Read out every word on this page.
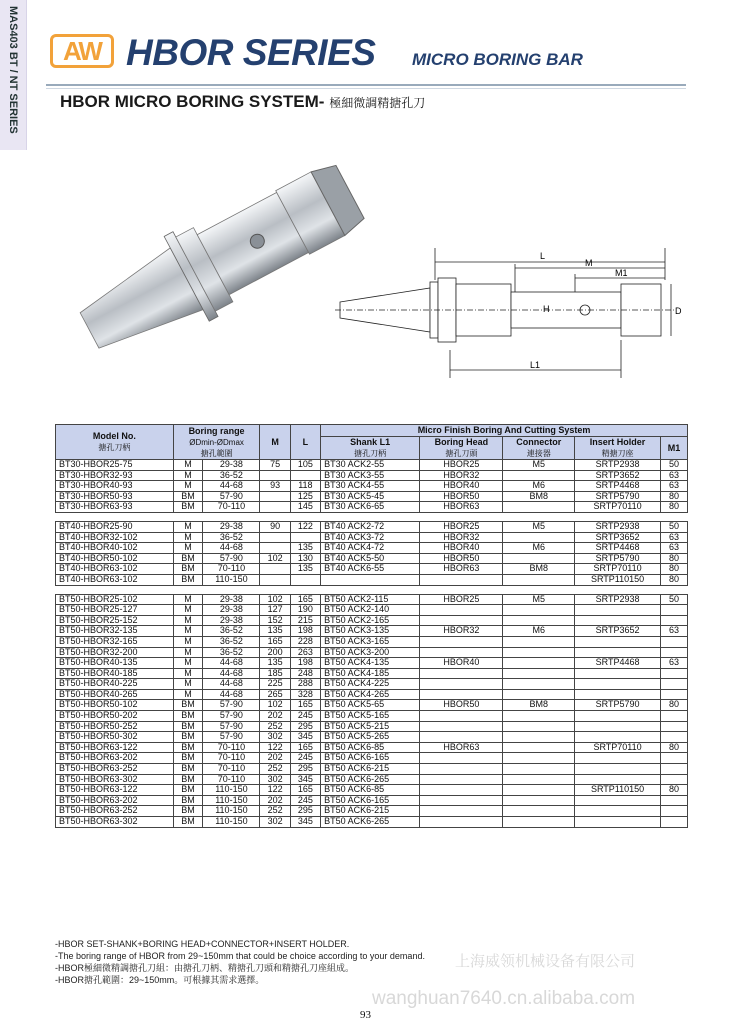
MAS403 BT / NT SERIES	AW HBOR SERIES MICRO BORING BAR
HBOR MICRO BORING SYSTEM- 極細微調精搪孔刀
L
M
M1
D
H
L1
Model No.
搪孔刀柄	Boring range
ØDmin-ØDmax
搪孔範圍		M	L	Micro Finish Boring And Cutting System				
					Shank L1
搪孔刀柄	Boring Head
搪孔刀頭	Connector
連接器	Insert Holder
精搪刀座	M1
BT30-HBOR25-75	M	29-38	75	105	BT30 ACK2-55	HBOR25	M5	SRTP2938	50
BT30-HBOR32-93	M	36-52			BT30 ACK3-55	HBOR32		SRTP3652	63
BT30-HBOR40-93	M	44-68	93	118	BT30 ACK4-55	HBOR40	M6	SRTP4468	63
BT30-HBOR50-93	BM	57-90		125	BT30 ACK5-45	HBOR50	BM8	SRTP5790	80
BT30-HBOR63-93	BM	70-110		145	BT30 ACK6-65	HBOR63		SRTP70110	80

BT40-HBOR25-90	M	29-38	90	122	BT40 ACK2-72	HBOR25	M5	SRTP2938	50
BT40-HBOR32-102	M	36-52			BT40 ACK3-72	HBOR32		SRTP3652	63
BT40-HBOR40-102	M	44-68		135	BT40 ACK4-72	HBOR40	M6	SRTP4468	63
BT40-HBOR50-102	BM	57-90	102	130	BT40 ACK5-50	HBOR50		SRTP5790	80
BT40-HBOR63-102	BM	70-110		135	BT40 ACK6-55	HBOR63	BM8	SRTP70110	80
BT40-HBOR63-102	BM	110-150						SRTP110150	80

BT50-HBOR25-102	M	29-38	102	165	BT50 ACK2-115	HBOR25	M5	SRTP2938	50
BT50-HBOR25-127	M	29-38	127	190	BT50 ACK2-140				
BT50-HBOR25-152	M	29-38	152	215	BT50 ACK2-165				
BT50-HBOR32-135	M	36-52	135	198	BT50 ACK3-135	HBOR32	M6	SRTP3652	63
BT50-HBOR32-165	M	36-52	165	228	BT50 ACK3-165				
BT50-HBOR32-200	M	36-52	200	263	BT50 ACK3-200				
BT50-HBOR40-135	M	44-68	135	198	BT50 ACK4-135	HBOR40		SRTP4468	63
BT50-HBOR40-185	M	44-68	185	248	BT50 ACK4-185				
BT50-HBOR40-225	M	44-68	225	288	BT50 ACK4-225				
BT50-HBOR40-265	M	44-68	265	328	BT50 ACK4-265				
BT50-HBOR50-102	BM	57-90	102	165	BT50 ACK5-65	HBOR50	BM8	SRTP5790	80
BT50-HBOR50-202	BM	57-90	202	245	BT50 ACK5-165				
BT50-HBOR50-252	BM	57-90	252	295	BT50 ACK5-215				
BT50-HBOR50-302	BM	57-90	302	345	BT50 ACK5-265				
BT50-HBOR63-122	BM	70-110	122	165	BT50 ACK6-85	HBOR63		SRTP70110	80
BT50-HBOR63-202	BM	70-110	202	245	BT50 ACK6-165				
BT50-HBOR63-252	BM	70-110	252	295	BT50 ACK6-215				
BT50-HBOR63-302	BM	70-110	302	345	BT50 ACK6-265				
BT50-HBOR63-122	BM	110-150	122	165	BT50 ACK6-85			SRTP110150	80
BT50-HBOR63-202	BM	110-150	202	245	BT50 ACK6-165				
BT50-HBOR63-252	BM	110-150	252	295	BT50 ACK6-215				
BT50-HBOR63-302	BM	110-150	302	345	BT50 ACK6-265				
-HBOR SET-SHANK+BORING HEAD+CONNECTOR+INSERT HOLDER.
-The boring range of HBOR from 29~150mm that could be choice according to your demand.
-HBOR極細微精調搪孔刀組：由搪孔刀柄、精搪孔刀頭和精搪孔刀座組成。
-HBOR搪孔範圍：29~150mm。可根據其需求選擇。
上海威领机械设备有限公司
wanghuan7640.cn.alibaba.com
93
